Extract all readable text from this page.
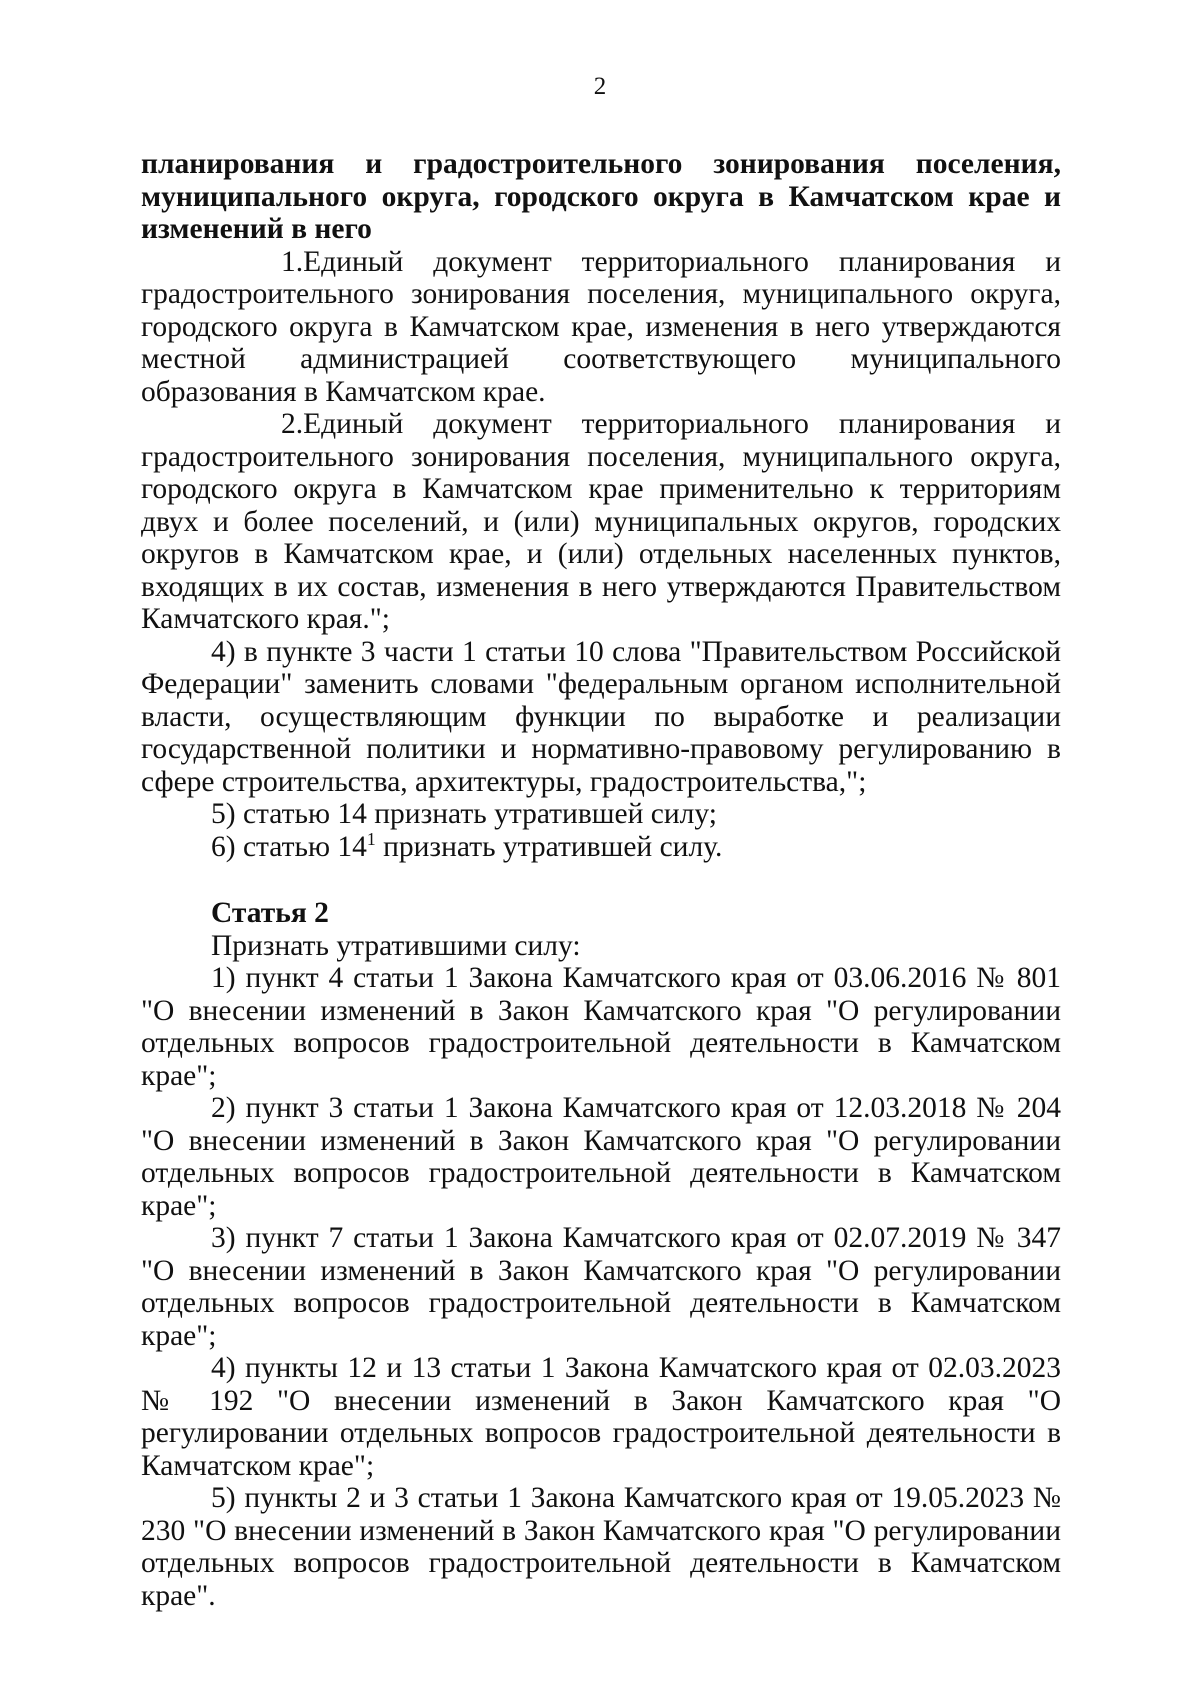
2

планирования и градостроительного зонирования поселения, муниципального округа, городского округа в Камчатском крае и изменений в него

1.Единый документ территориального планирования и градостроительного зонирования поселения, муниципального округа, городского округа в Камчатском крае, изменения в него утверждаются местной администрацией соответствующего муниципального образования в Камчатском крае.

2.Единый документ территориального планирования и градостроительного зонирования поселения, муниципального округа, городского округа в Камчатском крае применительно к территориям двух и более поселений, и (или) муниципальных округов, городских округов в Камчатском крае, и (или) отдельных населенных пунктов, входящих в их состав, изменения в него утверждаются Правительством Камчатского края.";

4) в пункте 3 части 1 статьи 10 слова "Правительством Российской Федерации" заменить словами "федеральным органом исполнительной власти, осуществляющим функции по выработке и реализации государственной политики и нормативно-правовому регулированию в сфере строительства, архитектуры, градостроительства,";

5) статью 14 признать утратившей силу;

6) статью $14^1$ признать утратившей силу.

Статья 2

Признать утратившими силу:

1) пункт 4 статьи 1 Закона Камчатского края от 03.06.2016 № 801 "О внесении изменений в Закон Камчатского края "О регулировании отдельных вопросов градостроительной деятельности в Камчатском крае";

2) пункт 3 статьи 1 Закона Камчатского края от 12.03.2018 № 204 "О внесении изменений в Закон Камчатского края "О регулировании отдельных вопросов градостроительной деятельности в Камчатском крае";

3) пункт 7 статьи 1 Закона Камчатского края от 02.07.2019 № 347 "О внесении изменений в Закон Камчатского края "О регулировании отдельных вопросов градостроительной деятельности в Камчатском крае";

4) пункты 12 и 13 статьи 1 Закона Камчатского края от 02.03.2023 № 192 "О внесении изменений в Закон Камчатского края "О регулировании отдельных вопросов градостроительной деятельности в Камчатском крае";

5) пункты 2 и 3 статьи 1 Закона Камчатского края от 19.05.2023 № 230 "О внесении изменений в Закон Камчатского края "О регулировании отдельных вопросов градостроительной деятельности в Камчатском крае".
